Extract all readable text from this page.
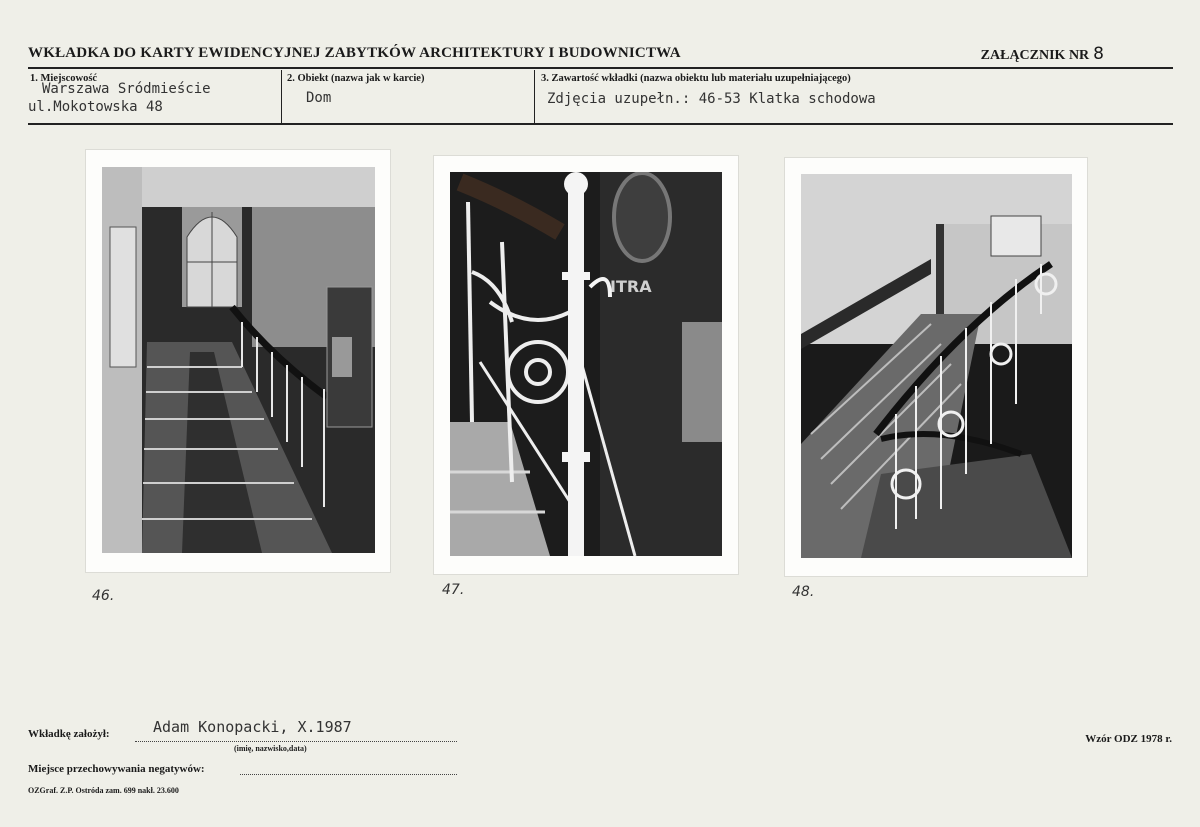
WKŁADKA DO KARTY EWIDENCYJNEJ ZABYTKÓW ARCHITEKTURY I BUDOWNICTWA	ZAŁĄCZNIK NR 8
1. Miejscowość
Warszawa Sródmieście
ul.Mokotowska 48
2. Obiekt (nazwa jak w karcie)
Dom
3. Zawartość wkładki (nazwa obiektu lub materiału uzupełniającego)
Zdjęcia uzupełn.: 46-53 Klatka schodowa
46.
ITRA
47.	48.
Wkładkę założył:	Adam Konopacki, X.1987
(imię, nazwisko,data)
Miejsce przechowywania negatywów:
Wzór ODZ 1978 r.
OZGraf. Z.P. Ostróda zam. 699 nakł. 23.600
